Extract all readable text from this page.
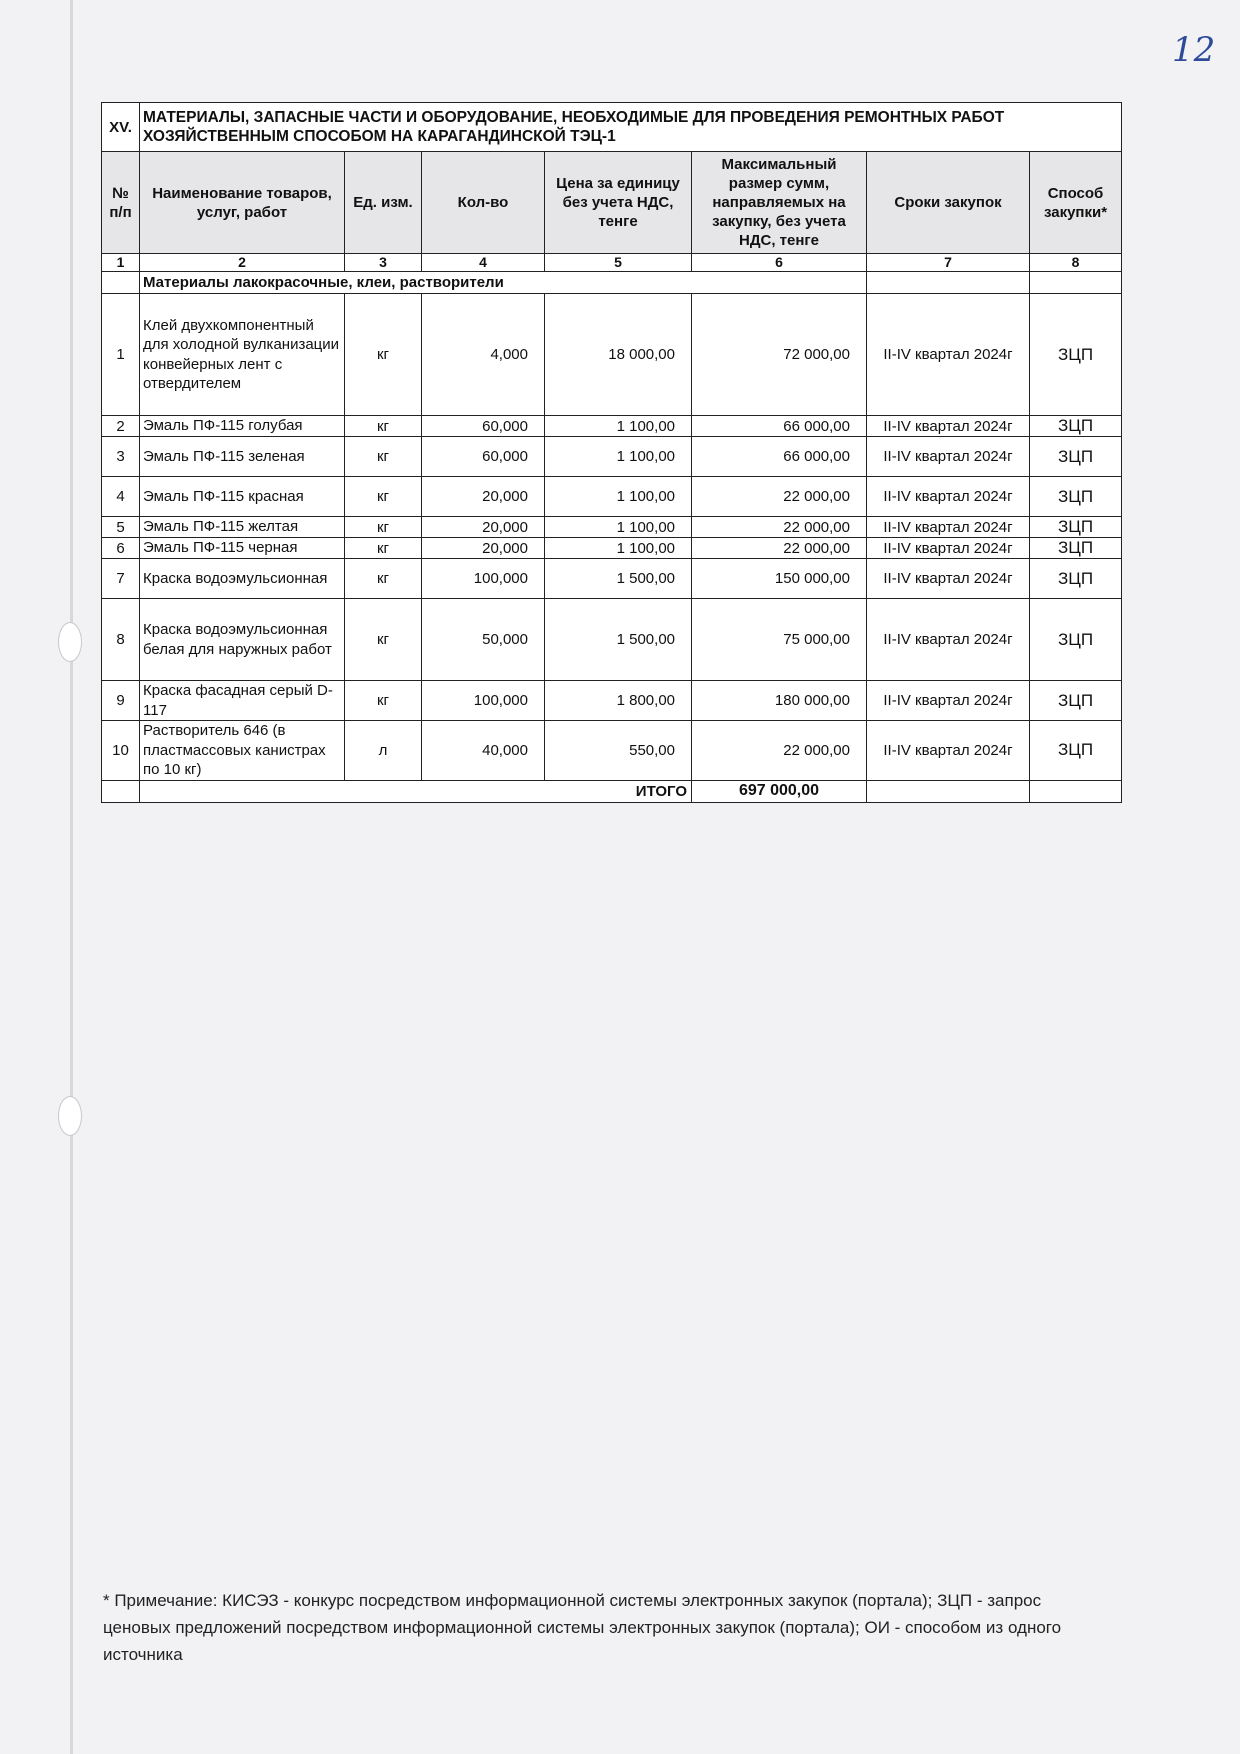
12
XV.	МАТЕРИАЛЫ, ЗАПАСНЫЕ ЧАСТИ И ОБОРУДОВАНИЕ, НЕОБХОДИМЫЕ ДЛЯ ПРОВЕДЕНИЯ РЕМОНТНЫХ РАБОТ ХОЗЯЙСТВЕННЫМ СПОСОБОМ НА КАРАГАНДИНСКОЙ ТЭЦ-1						
№ п/п	Наименование товаров, услуг, работ	Ед. изм.	Кол-во	Цена за единицу без учета НДС, тенге	Максимальный размер сумм, направляемых на закупку, без учета НДС, тенге	Сроки закупок	Способ закупки*
1	2	3	4	5	6	7	8
	Материалы лакокрасочные, клеи, растворители						
1	Клей двухкомпонентный для холодной вулканизации конвейерных лент с отвердителем	кг	4,000	18 000,00	72 000,00	II-IV квартал 2024г	ЗЦП
2	Эмаль ПФ-115 голубая	кг	60,000	1 100,00	66 000,00	II-IV квартал 2024г	ЗЦП
3	Эмаль ПФ-115 зеленая	кг	60,000	1 100,00	66 000,00	II-IV квартал 2024г	ЗЦП
4	Эмаль ПФ-115 красная	кг	20,000	1 100,00	22 000,00	II-IV квартал 2024г	ЗЦП
5	Эмаль ПФ-115 желтая	кг	20,000	1 100,00	22 000,00	II-IV квартал 2024г	ЗЦП
6	Эмаль ПФ-115 черная	кг	20,000	1 100,00	22 000,00	II-IV квартал 2024г	ЗЦП
7	Краска водоэмульсионная	кг	100,000	1 500,00	150 000,00	II-IV квартал 2024г	ЗЦП
8	Краска водоэмульсионная белая для наружных работ	кг	50,000	1 500,00	75 000,00	II-IV квартал 2024г	ЗЦП
9	Краска фасадная серый D-117	кг	100,000	1 800,00	180 000,00	II-IV квартал 2024г	ЗЦП
10	Растворитель 646 (в пластмассовых канистрах по 10 кг)	л	40,000	550,00	22 000,00	II-IV квартал 2024г	ЗЦП
	ИТОГО				697 000,00		
* Примечание: КИСЭЗ - конкурс посредством информационной системы электронных закупок (портала); ЗЦП - запрос ценовых предложений посредством информационной системы электронных закупок (портала); ОИ - способом из одного источника
